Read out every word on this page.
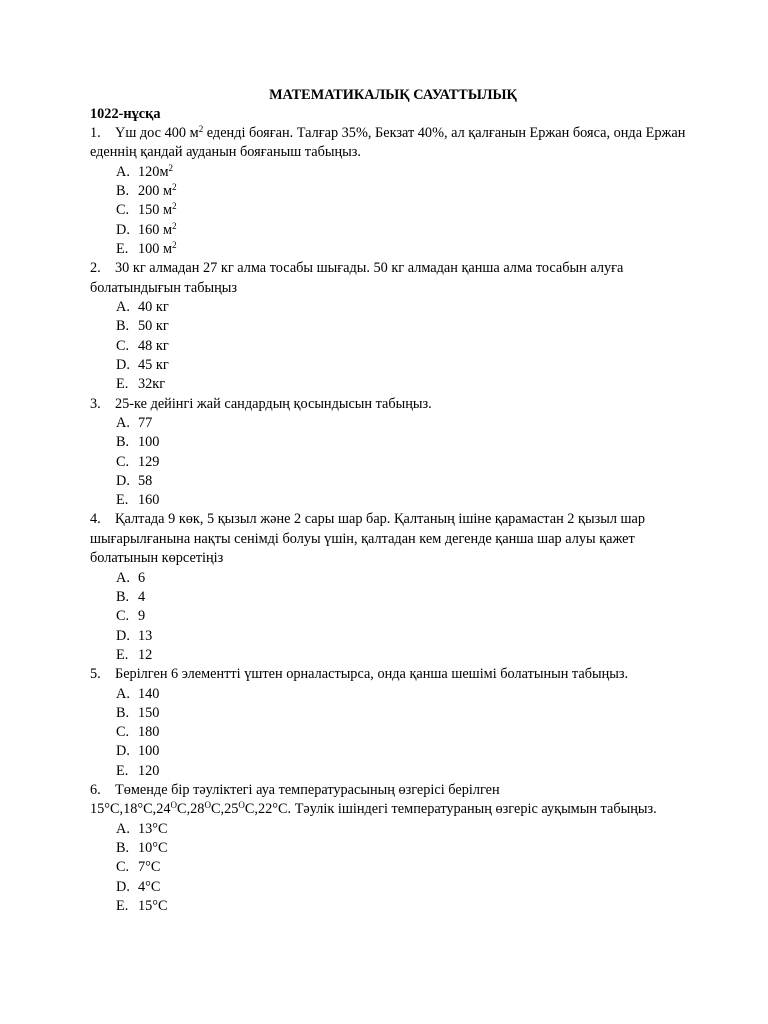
МАТЕМАТИКАЛЫҚ САУАТТЫЛЫҚ
1022-нұсқа
1. Үш дос 400 $м^2$ еденді бояған. Талғар 35%, Бекзат 40%, ал қалғанын Ержан бояса, онда Ержан еденнің қандай ауданын бояғаныш табыңыз.
A. $120м^2$
B. 200 $м^2$
C. 150 $м^2$
D. 160 $м^2$
E. 100 $м^2$
2. 30 кг алмадан 27 кг алма тосабы шығады. 50 кг алмадан қанша алма тосабын алуға болатындығын табыңыз
A. 40 кг
B. 50 кг
C. 48 кг
D. 45 кг
E. 32кг
3. 25-ке дейінгі жай сандардың қосындысын табыңыз.
A. 77
B. 100
C. 129
D. 58
E. 160
4. Қалтада 9 көк, 5 қызыл және 2 сары шар бар. Қалтаның ішіне қарамастан 2 қызыл шар шығарылғанына нақты сенімді болуы үшін, қалтадан кем дегенде қанша шар алуы қажет болатынын көрсетіңіз
A. 6
B. 4
C. 9
D. 13
E. 12
5. Берілген 6 элементті үштен орналастырса, онда қанша шешімі болатынын табыңыз.
A. 140
B. 150
C. 180
D. 100
E. 120
6. Төменде бір тәуліктегі ауа температурасының өзгерісі берілген $15^\circ C,18^\circ C,24^OC,28^OC,25^OC,22^\circ C$. Тәулік ішіндегі температураның өзгеріс ауқымын табыңыз.
A. 13°C
B. 10°C
C. 7°C
D. 4°C
E. 15°C
